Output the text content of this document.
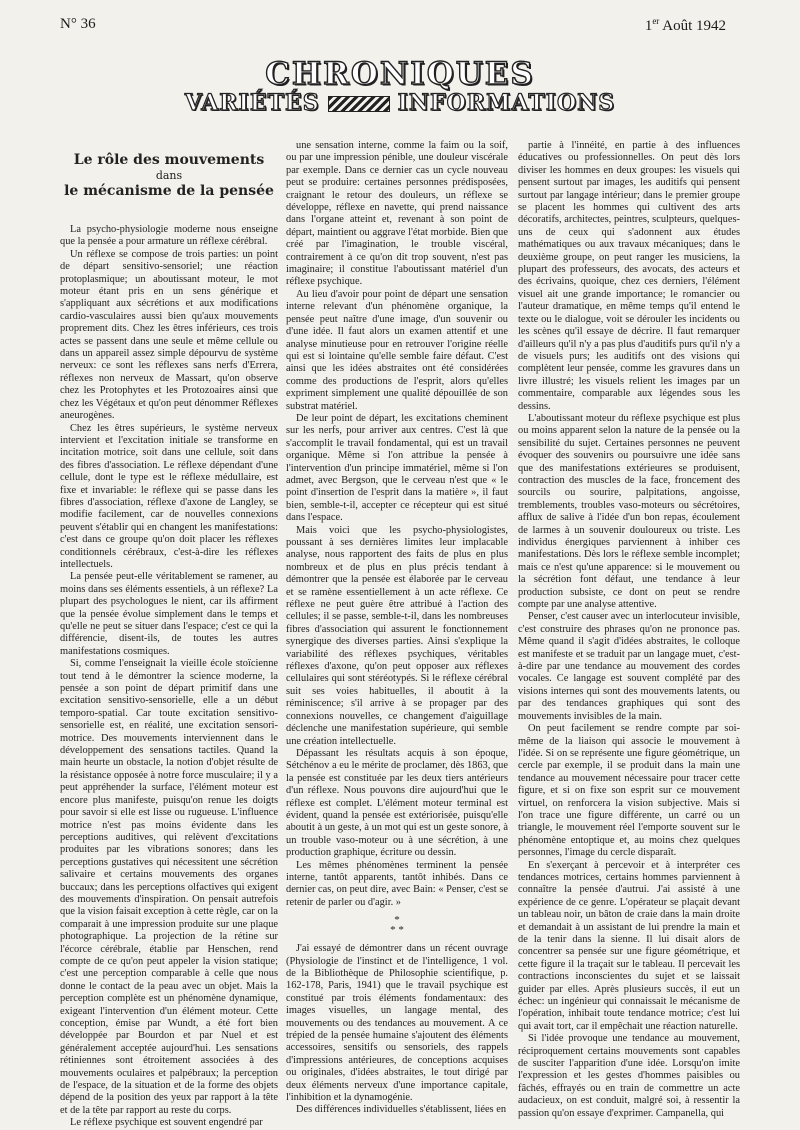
N° 36	1er Août 1942
CHRONIQUES
VARIÉTÉS	INFORMATIONS
Le rôle des mouvements
dans
le mécanisme de la pensée

La psycho-physiologie moderne nous enseigne que la pensée a pour armature un réflexe cérébral.

Un réflexe se compose de trois parties: un point de départ sensitivo-sensoriel; une réaction protoplasmique; un aboutissant moteur, le mot moteur étant pris en un sens générique et s'appliquant aux sécrétions et aux modifications cardio-vasculaires aussi bien qu'aux mouvements proprement dits. Chez les êtres inférieurs, ces trois actes se passent dans une seule et même cellule ou dans un appareil assez simple dépourvu de système nerveux: ce sont les réflexes sans nerfs d'Errera, réflexes non nerveux de Massart, qu'on observe chez les Protophytes et les Protozoaires ainsi que chez les Végétaux et qu'on peut dénommer Réflexes aneurogènes.

Chez les êtres supérieurs, le système nerveux intervient et l'excitation initiale se transforme en incitation motrice, soit dans une cellule, soit dans des fibres d'association. Le réflexe dépendant d'une cellule, dont le type est le réflexe médullaire, est fixe et invariable: le réflexe qui se passe dans les fibres d'association, réflexe d'axone de Langley, se modifie facilement, car de nouvelles connexions peuvent s'établir qui en changent les manifestations: c'est dans ce groupe qu'on doit placer les réflexes conditionnels cérébraux, c'est-à-dire les réflexes intellectuels.

La pensée peut-elle véritablement se ramener, au moins dans ses éléments essentiels, à un réflexe? La plupart des psychologues le nient, car ils affirment que la pensée évolue simplement dans le temps et qu'elle ne peut se situer dans l'espace; c'est ce qui la différencie, disent-ils, de toutes les autres manifestations cosmiques.

Si, comme l'enseignait la vieille école stoïcienne tout tend à le démontrer la science moderne, la pensée a son point de départ primitif dans une excitation sensitivo-sensorielle, elle a un début temporo-spatial. Car toute excitation sensitivo-sensorielle est, en réalité, une excitation sensori-motrice. Des mouvements interviennent dans le développement des sensations tactiles. Quand la main heurte un obstacle, la notion d'objet résulte de la résistance opposée à notre force musculaire; il y a peut appréhender la surface, l'élément moteur est encore plus manifeste, puisqu'on renue les doigts pour savoir si elle est lisse ou rugueuse. L'influence motrice n'est pas moins évidente dans les perceptions auditives, qui relèvent d'excitations produites par les vibrations sonores; dans les perceptions gustatives qui nécessitent une sécrétion salivaire et certains mouvements des organes buccaux; dans les perceptions olfactives qui exigent des mouvements d'inspiration. On pensait autrefois que la vision faisait exception à cette règle, car on la comparait à une impression produite sur une plaque photographique. La projection de la rétine sur l'écorce cérébrale, établie par Henschen, rend compte de ce qu'on peut appeler la vision statique; c'est une perception comparable à celle que nous donne le contact de la peau avec un objet. Mais la perception complète est un phénomène dynamique, exigeant l'intervention d'un élément moteur. Cette conception, émise par Wundt, a été fort bien développée par Bourdon et par Nuel et est généralement acceptée aujourd'hui. Les sensations rétiniennes sont étroitement associées à des mouvements oculaires et palpébraux; la perception de l'espace, de la situation et de la forme des objets dépend de la position des yeux par rapport à la tête et de la tête par rapport au reste du corps.

Le réflexe psychique est souvent engendré par

une sensation interne, comme la faim ou la soif, ou par une impression pénible, une douleur viscérale par exemple. Dans ce dernier cas un cycle nouveau peut se produire: certaines personnes prédisposées, craignant le retour des douleurs, un réflexe se développe, réflexe en navette, qui prend naissance dans l'organe atteint et, revenant à son point de départ, maintient ou aggrave l'état morbide. Bien que créé par l'imagination, le trouble viscéral, contrairement à ce qu'on dit trop souvent, n'est pas imaginaire; il constitue l'aboutissant matériel d'un réflexe psychique.

Au lieu d'avoir pour point de départ une sensation interne relevant d'un phénomène organique, la pensée peut naître d'une image, d'un souvenir ou d'une idée. Il faut alors un examen attentif et une analyse minutieuse pour en retrouver l'origine réelle qui est si lointaine qu'elle semble faire défaut. C'est ainsi que les idées abstraites ont été considérées comme des productions de l'esprit, alors qu'elles expriment simplement une qualité dépouillée de son substrat matériel.

De leur point de départ, les excitations cheminent sur les nerfs, pour arriver aux centres. C'est là que s'accomplit le travail fondamental, qui est un travail organique. Même si l'on attribue la pensée à l'intervention d'un principe immatériel, même si l'on admet, avec Bergson, que le cerveau n'est que « le point d'insertion de l'esprit dans la matière », il faut bien, semble-t-il, accepter ce récepteur qui est situé dans l'espace.

Mais voici que les psycho-physiologistes, poussant à ses dernières limites leur implacable analyse, nous rapportent des faits de plus en plus nombreux et de plus en plus précis tendant à démontrer que la pensée est élaborée par le cerveau et se ramène essentiellement à un acte réflexe. Ce réflexe ne peut guère être attribué à l'action des cellules; il se passe, semble-t-il, dans les nombreuses fibres d'association qui assurent le fonctionnement synergique des diverses parties. Ainsi s'explique la variabilité des réflexes psychiques, véritables réflexes d'axone, qu'on peut opposer aux réflexes cellulaires qui sont stéréotypés. Si le réflexe cérébral suit ses voies habituelles, il aboutit à la réminiscence; s'il arrive à se propager par des connexions nouvelles, ce changement d'aiguillage déclenche une manifestation supérieure, qui semble une création intellectuelle.

Dépassant les résultats acquis à son époque, Sétchénov a eu le mérite de proclamer, dès 1863, que la pensée est constituée par les deux tiers antérieurs d'un réflexe. Nous pouvons dire aujourd'hui que le réflexe est complet. L'élément moteur terminal est évident, quand la pensée est extériorisée, puisqu'elle aboutit à un geste, à un mot qui est un geste sonore, à un trouble vaso-moteur ou à une sécrétion, à une production graphique, écriture ou dessin.

Les mêmes phénomènes terminent la pensée interne, tantôt apparents, tantôt inhibés. Dans ce dernier cas, on peut dire, avec Bain: « Penser, c'est se retenir de parler ou d'agir. »

*
* *

J'ai essayé de démontrer dans un récent ouvrage (Physiologie de l'instinct et de l'intelligence, 1 vol. de la Bibliothèque de Philosophie scientifique, p. 162-178, Paris, 1941) que le travail psychique est constitué par trois éléments fondamentaux: des images visuelles, un langage mental, des mouvements ou des tendances au mouvement. A ce trépied de la pensée humaine s'ajoutent des éléments accessoires, sensitifs ou sensoriels, des rappels d'impressions antérieures, de conceptions acquises ou originales, d'idées abstraites, le tout dirigé par deux éléments nerveux d'une importance capitale, l'inhibition et la dynamogénie.

Des différences individuelles s'établissent, liées en

partie à l'innéité, en partie à des influences éducatives ou professionnelles. On peut dès lors diviser les hommes en deux groupes: les visuels qui pensent surtout par images, les auditifs qui pensent surtout par langage intérieur; dans le premier groupe se placent les hommes qui cultivent des arts décoratifs, architectes, peintres, sculpteurs, quelques-uns de ceux qui s'adonnent aux études mathématiques ou aux travaux mécaniques; dans le deuxième groupe, on peut ranger les musiciens, la plupart des professeurs, des avocats, des acteurs et des écrivains, quoique, chez ces derniers, l'élément visuel ait une grande importance; le romancier ou l'auteur dramatique, en même temps qu'il entend le texte ou le dialogue, voit se dérouler les incidents ou les scènes qu'il essaye de décrire. Il faut remarquer d'ailleurs qu'il n'y a pas plus d'auditifs purs qu'il n'y a de visuels purs; les auditifs ont des visions qui complètent leur pensée, comme les gravures dans un livre illustré; les visuels relient les images par un commentaire, comparable aux légendes sous les dessins.

L'aboutissant moteur du réflexe psychique est plus ou moins apparent selon la nature de la pensée ou la sensibilité du sujet. Certaines personnes ne peuvent évoquer des souvenirs ou poursuivre une idée sans que des manifestations extérieures se produisent, contraction des muscles de la face, froncement des sourcils ou sourire, palpitations, angoisse, tremblements, troubles vaso-moteurs ou sécrétoires, afflux de salive à l'idée d'un bon repas, écoulement de larmes à un souvenir douloureux ou triste. Les individus énergiques parviennent à inhiber ces manifestations. Dès lors le réflexe semble incomplet; mais ce n'est qu'une apparence: si le mouvement ou la sécrétion font défaut, une tendance à leur production subsiste, ce dont on peut se rendre compte par une analyse attentive.

Penser, c'est causer avec un interlocuteur invisible, c'est construire des phrases qu'on ne prononce pas. Même quand il s'agit d'idées abstraites, le colloque est manifeste et se traduit par un langage muet, c'est-à-dire par une tendance au mouvement des cordes vocales. Ce langage est souvent complété par des visions internes qui sont des mouvements latents, ou par des tendances graphiques qui sont des mouvements invisibles de la main.

On peut facilement se rendre compte par soi-même de la liaison qui associe le mouvement à l'idée. Si on se représente une figure géométrique, un cercle par exemple, il se produit dans la main une tendance au mouvement nécessaire pour tracer cette figure, et si on fixe son esprit sur ce mouvement virtuel, on renforcera la vision subjective. Mais si l'on trace une figure différente, un carré ou un triangle, le mouvement réel l'emporte souvent sur le phénomène entoptique et, au moins chez quelques personnes, l'image du cercle disparaît.

En s'exerçant à percevoir et à interpréter ces tendances motrices, certains hommes parviennent à connaître la pensée d'autrui. J'ai assisté à une expérience de ce genre. L'opérateur se plaçait devant un tableau noir, un bâton de craie dans la main droite et demandait à un assistant de lui prendre la main et de la tenir dans la sienne. Il lui disait alors de concentrer sa pensée sur une figure géométrique, et cette figure il la traçait sur le tableau. Il percevait les contractions inconscientes du sujet et se laissait guider par elles. Après plusieurs succès, il eut un échec: un ingénieur qui connaissait le mécanisme de l'opération, inhibait toute tendance motrice; c'est lui qui avait tort, car il empêchait une réaction naturelle.

Si l'idée provoque une tendance au mouvement, réciproquement certains mouvements sont capables de susciter l'apparition d'une idée. Lorsqu'on imite l'expression et les gestes d'hommes paisibles ou fâchés, effrayés ou en train de commettre un acte audacieux, on est conduit, malgré soi, à ressentir la passion qu'on essaye d'exprimer. Campanella, qui
